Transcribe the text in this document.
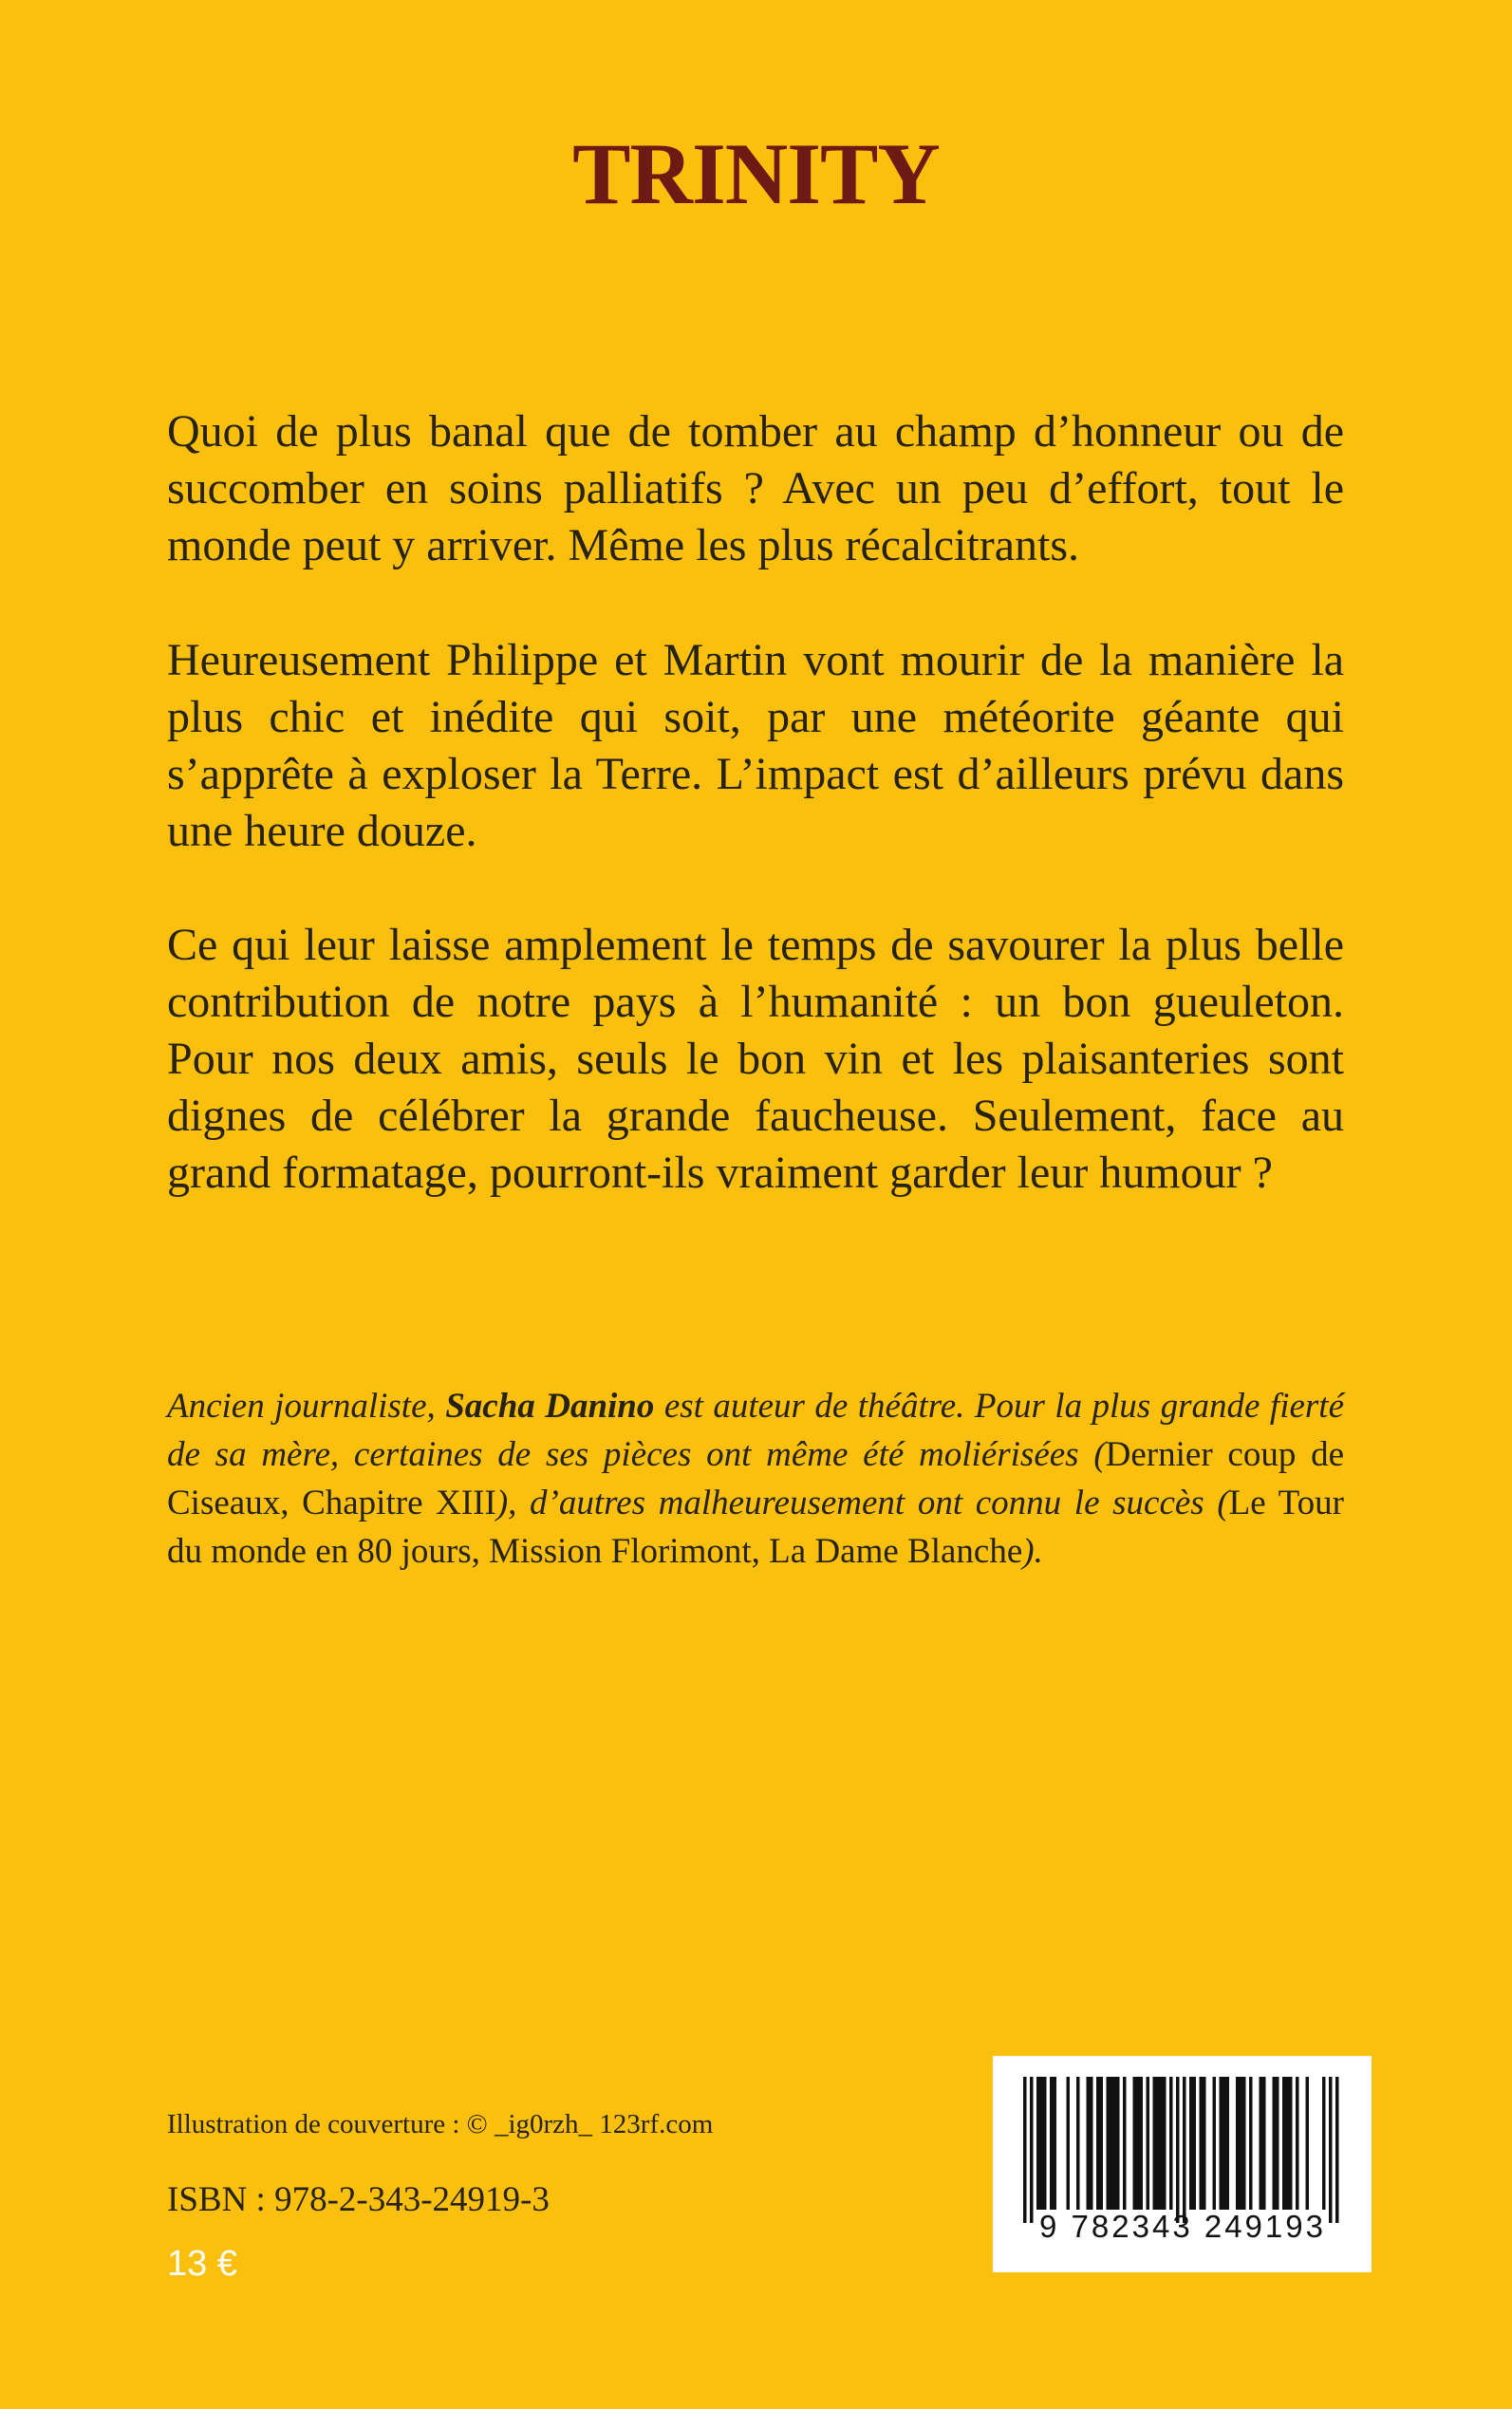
TRINITY

Quoi de plus banal que de tomber au champ d’honneur ou de succomber en soins palliatifs ? Avec un peu d’effort, tout le monde peut y arriver. Même les plus récalcitrants.

Heureusement Philippe et Martin vont mourir de la manière la plus chic et inédite qui soit, par une météorite géante qui s’apprête à exploser la Terre. L’impact est d’ailleurs prévu dans une heure douze.

Ce qui leur laisse amplement le temps de savourer la plus belle contribution de notre pays à l’humanité : un bon gueuleton. Pour nos deux amis, seuls le bon vin et les plaisanteries sont dignes de célébrer la grande faucheuse. Seulement, face au grand formatage, pourront-ils vraiment garder leur humour ?

Ancien journaliste, Sacha Danino est auteur de théâtre. Pour la plus grande fierté de sa mère, certaines de ses pièces ont même été moliérisées (Dernier coup de Ciseaux, Chapitre XIII), d’autres malheureusement ont connu le succès (Le Tour du monde en 80 jours, Mission Florimont, La Dame Blanche).

Illustration de couverture : © _ig0rzh_ 123rf.com

ISBN : 978-2-343-24919-3

13 €

9 782343 249193
